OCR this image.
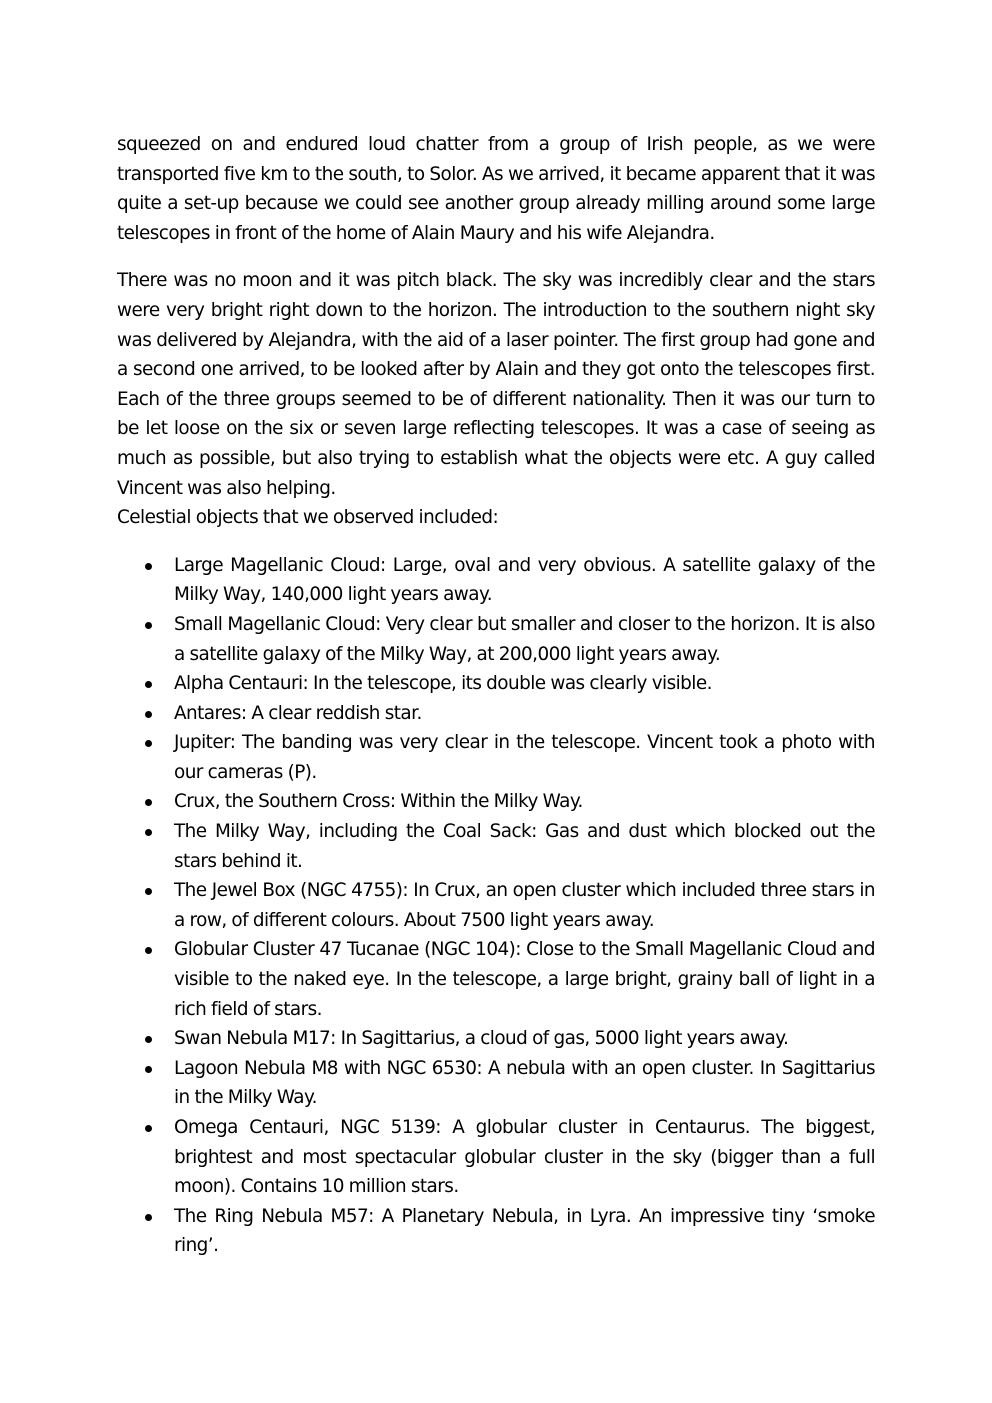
squeezed on and endured loud chatter from a group of Irish people, as we were transported five km to the south, to Solor. As we arrived, it became apparent that it was quite a set-up because we could see another group already milling around some large telescopes in front of the home of Alain Maury and his wife Alejandra.

There was no moon and it was pitch black. The sky was incredibly clear and the stars were very bright right down to the horizon. The introduction to the southern night sky was delivered by Alejandra, with the aid of a laser pointer. The first group had gone and a second one arrived, to be looked after by Alain and they got onto the telescopes first. Each of the three groups seemed to be of different nationality. Then it was our turn to be let loose on the six or seven large reflecting telescopes. It was a case of seeing as much as possible, but also trying to establish what the objects were etc. A guy called Vincent was also helping.

Celestial objects that we observed included:

Large Magellanic Cloud: Large, oval and very obvious. A satellite galaxy of the Milky Way, 140,000 light years away.
Small Magellanic Cloud: Very clear but smaller and closer to the horizon. It is also a satellite galaxy of the Milky Way, at 200,000 light years away.
Alpha Centauri: In the telescope, its double was clearly visible.
Antares: A clear reddish star.
Jupiter: The banding was very clear in the telescope. Vincent took a photo with our cameras (P).
Crux, the Southern Cross: Within the Milky Way.
The Milky Way, including the Coal Sack: Gas and dust which blocked out the stars behind it.
The Jewel Box (NGC 4755): In Crux, an open cluster which included three stars in a row, of different colours. About 7500 light years away.
Globular Cluster 47 Tucanae (NGC 104): Close to the Small Magellanic Cloud and visible to the naked eye. In the telescope, a large bright, grainy ball of light in a rich field of stars.
Swan Nebula M17: In Sagittarius, a cloud of gas, 5000 light years away.
Lagoon Nebula M8 with NGC 6530: A nebula with an open cluster. In Sagittarius in the Milky Way.
Omega Centauri, NGC 5139: A globular cluster in Centaurus. The biggest, brightest and most spectacular globular cluster in the sky (bigger than a full moon). Contains 10 million stars.
The Ring Nebula M57: A Planetary Nebula, in Lyra. An impressive tiny ‘smoke ring’.
